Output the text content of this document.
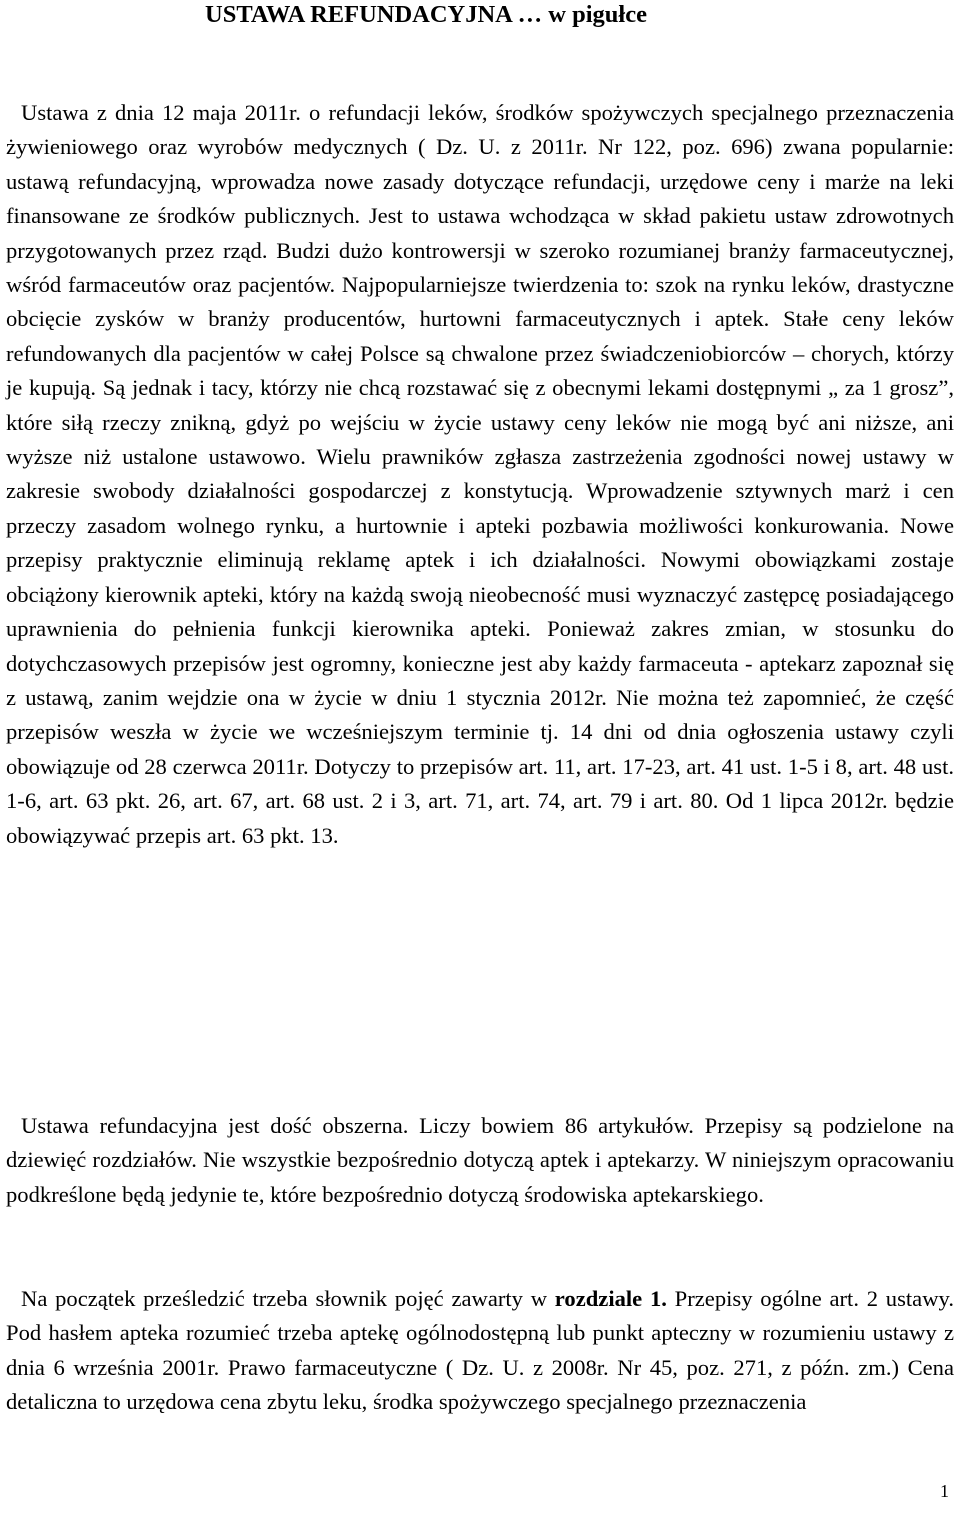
USTAWA REFUNDACYJNA … w pigułce

Ustawa z dnia 12 maja 2011r. o refundacji leków, środków spożywczych specjalnego przeznaczenia żywieniowego oraz wyrobów medycznych ( Dz. U. z 2011r. Nr 122, poz. 696) zwana popularnie: ustawą refundacyjną, wprowadza nowe zasady dotyczące refundacji, urzędowe ceny i marże na leki finansowane ze środków publicznych. Jest to ustawa wchodząca w skład pakietu ustaw zdrowotnych przygotowanych przez rząd. Budzi dużo kontrowersji w szeroko rozumianej branży farmaceutycznej, wśród farmaceutów oraz pacjentów. Najpopularniejsze twierdzenia to: szok na rynku leków, drastyczne obcięcie zysków w branży producentów, hurtowni farmaceutycznych i aptek. Stałe ceny leków refundowanych dla pacjentów w całej Polsce są chwalone przez świadczeniobiorców – chorych, którzy je kupują. Są jednak i tacy, którzy nie chcą rozstawać się z obecnymi lekami dostępnymi „ za 1 grosz”, które siłą rzeczy znikną, gdyż po wejściu w życie ustawy ceny leków nie mogą być ani niższe, ani wyższe niż ustalone ustawowo. Wielu prawników zgłasza zastrzeżenia zgodności nowej ustawy w zakresie swobody działalności gospodarczej z konstytucją. Wprowadzenie sztywnych marż i cen przeczy zasadom wolnego rynku, a hurtownie i apteki pozbawia możliwości konkurowania. Nowe przepisy praktycznie eliminują reklamę aptek i ich działalności. Nowymi obowiązkami zostaje obciążony kierownik apteki, który na każdą swoją nieobecność musi wyznaczyć zastępcę posiadającego uprawnienia do pełnienia funkcji kierownika apteki. Ponieważ zakres zmian, w stosunku do dotychczasowych przepisów jest ogromny, konieczne jest aby każdy farmaceuta - aptekarz zapoznał się z ustawą, zanim wejdzie ona w życie w dniu 1 stycznia 2012r. Nie można też zapomnieć, że część przepisów weszła w życie we wcześniejszym terminie tj. 14 dni od dnia ogłoszenia ustawy czyli obowiązuje od 28 czerwca 2011r. Dotyczy to przepisów art. 11, art. 17-23, art. 41 ust. 1-5 i 8, art. 48 ust. 1-6, art. 63 pkt. 26, art. 67, art. 68 ust. 2 i 3, art. 71, art. 74, art. 79 i art. 80. Od 1 lipca 2012r. będzie obowiązywać przepis art. 63 pkt. 13.

Ustawa refundacyjna jest dość obszerna. Liczy bowiem 86 artykułów. Przepisy są podzielone na dziewięć rozdziałów. Nie wszystkie bezpośrednio dotyczą aptek i aptekarzy. W niniejszym opracowaniu podkreślone będą jedynie te, które bezpośrednio dotyczą środowiska aptekarskiego.

Na początek prześledzić trzeba słownik pojęć zawarty w rozdziale 1. Przepisy ogólne art. 2 ustawy. Pod hasłem apteka rozumieć trzeba aptekę ogólnodostępną lub punkt apteczny w rozumieniu ustawy z dnia 6 września 2001r. Prawo farmaceutyczne ( Dz. U. z 2008r. Nr 45, poz. 271, z późn. zm.) Cena detaliczna to urzędowa cena zbytu leku, środka spożywczego specjalnego przeznaczenia

1
